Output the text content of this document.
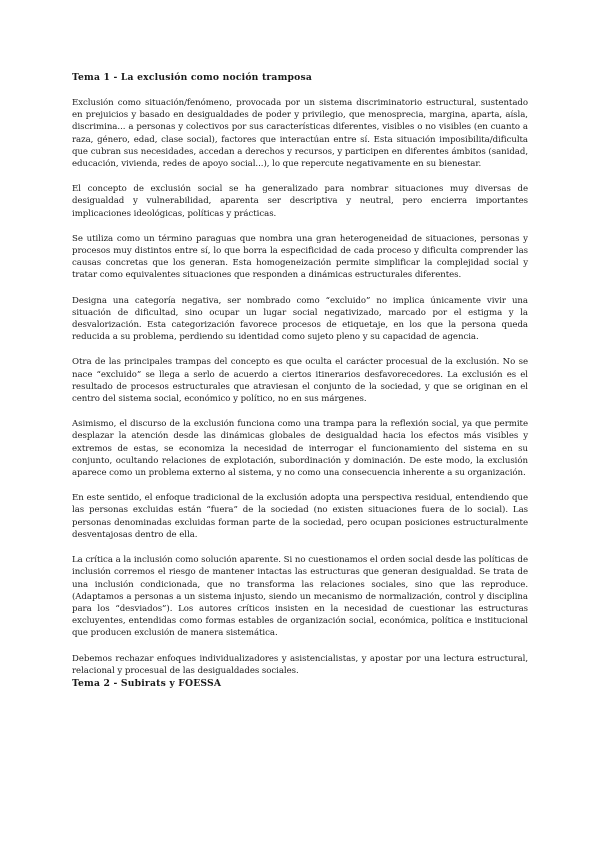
Tema 1 - La exclusión como noción tramposa

Exclusión como situación/fenómeno, provocada por un sistema discriminatorio estructural, sustentado en prejuicios y basado en desigualdades de poder y privilegio, que menosprecia, margina, aparta, aísla, discrimina... a personas y colectivos por sus características diferentes, visibles o no visibles (en cuanto a raza, género, edad, clase social), factores que interactúan entre sí. Esta situación imposibilita/dificulta que cubran sus necesidades, accedan a derechos y recursos, y participen en diferentes ámbitos (sanidad, educación, vivienda, redes de apoyo social...), lo que repercute negativamente en su bienestar.

El concepto de exclusión social se ha generalizado para nombrar situaciones muy diversas de desigualdad y vulnerabilidad, aparenta ser descriptiva y neutral, pero encierra importantes implicaciones ideológicas, políticas y prácticas.

Se utiliza como un término paraguas que nombra una gran heterogeneidad de situaciones, personas y procesos muy distintos entre sí, lo que borra la especificidad de cada proceso y dificulta comprender las causas concretas que los generan. Esta homogeneización permite simplificar la complejidad social y tratar como equivalentes situaciones que responden a dinámicas estructurales diferentes.

Designa una categoría negativa, ser nombrado como “excluido” no implica únicamente vivir una situación de dificultad, sino ocupar un lugar social negativizado, marcado por el estigma y la desvalorización. Esta categorización favorece procesos de etiquetaje, en los que la persona queda reducida a su problema, perdiendo su identidad como sujeto pleno y su capacidad de agencia.

Otra de las principales trampas del concepto es que oculta el carácter procesual de la exclusión. No se nace “excluido” se llega a serlo de acuerdo a ciertos itinerarios desfavorecedores. La exclusión es el resultado de procesos estructurales que atraviesan el conjunto de la sociedad, y que se originan en el centro del sistema social, económico y político, no en sus márgenes.

Asimismo, el discurso de la exclusión funciona como una trampa para la reflexión social, ya que permite desplazar la atención desde las dinámicas globales de desigualdad hacia los efectos más visibles y extremos de estas, se economiza la necesidad de interrogar el funcionamiento del sistema en su conjunto, ocultando relaciones de explotación, subordinación y dominación. De este modo, la exclusión aparece como un problema externo al sistema, y no como una consecuencia inherente a su organización.

En este sentido, el enfoque tradicional de la exclusión adopta una perspectiva residual, entendiendo que las personas excluidas están “fuera” de la sociedad (no existen situaciones fuera de lo social). Las personas denominadas excluidas forman parte de la sociedad, pero ocupan posiciones estructuralmente desventajosas dentro de ella.

La crítica a la inclusión como solución aparente. Si no cuestionamos el orden social desde las políticas de inclusión corremos el riesgo de mantener intactas las estructuras que generan desigualdad. Se trata de una inclusión condicionada, que no transforma las relaciones sociales, sino que las reproduce. (Adaptamos a personas a un sistema injusto, siendo un mecanismo de normalización, control y disciplina para los “desviados”). Los autores críticos insisten en la necesidad de cuestionar las estructuras excluyentes, entendidas como formas estables de organización social, económica, política e institucional que producen exclusión de manera sistemática.

Debemos rechazar enfoques individualizadores y asistencialistas, y apostar por una lectura estructural, relacional y procesual de las desigualdades sociales.

Tema 2 - Subirats y FOESSA
